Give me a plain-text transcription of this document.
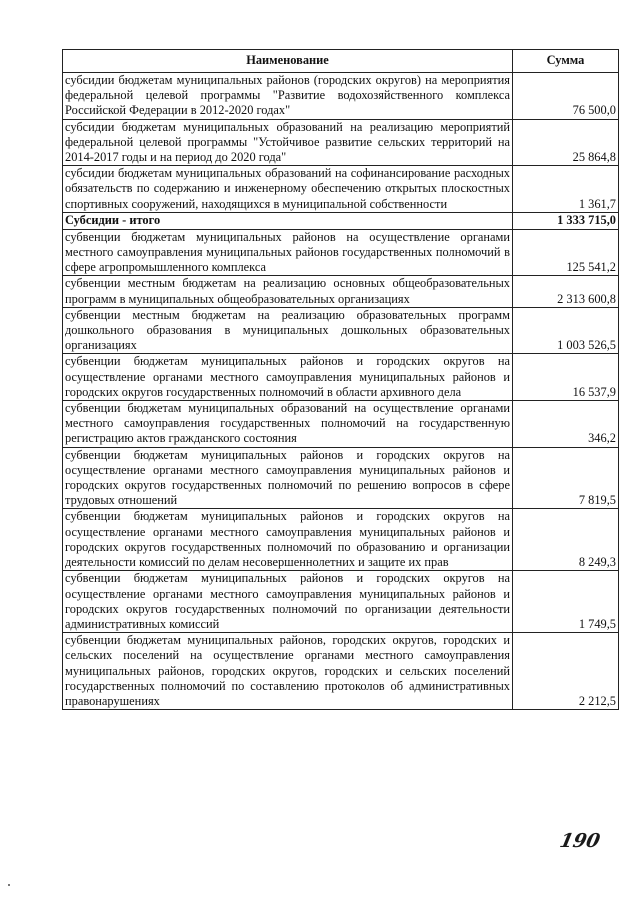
Наименование	Сумма
субсидии бюджетам муниципальных районов (городских округов) на мероприятия федеральной целевой программы "Развитие водохозяйственного комплекса Российской Федерации в 2012-2020 годах"	76 500,0
субсидии бюджетам муниципальных образований на реализацию мероприятий федеральной целевой программы "Устойчивое развитие сельских территорий на 2014-2017 годы и на период до 2020 года"	25 864,8
субсидии бюджетам муниципальных образований на софинансирование расходных обязательств по содержанию и инженерному обеспечению открытых плоскостных спортивных сооружений, находящихся в муниципальной собственности	1 361,7
Субсидии - итого	1 333 715,0
субвенции бюджетам муниципальных районов на осуществление органами местного самоуправления муниципальных районов государственных полномочий в сфере агропромышленного комплекса	125 541,2
субвенции местным бюджетам на реализацию основных общеобразовательных программ в муниципальных общеобразовательных организациях	2 313 600,8
субвенции местным бюджетам на реализацию образовательных программ дошкольного образования в муниципальных дошкольных образовательных организациях	1 003 526,5
субвенции бюджетам муниципальных районов и городских округов на осуществление органами местного самоуправления муниципальных районов и городских округов государственных полномочий в области архивного дела	16 537,9
субвенции бюджетам муниципальных образований на осуществление органами местного самоуправления государственных полномочий на государственную регистрацию актов гражданского состояния	346,2
субвенции бюджетам муниципальных районов и городских округов на осуществление органами местного самоуправления муниципальных районов и городских округов государственных полномочий по решению вопросов в сфере трудовых отношений	7 819,5
субвенции бюджетам муниципальных районов и городских округов на осуществление органами местного самоуправления муниципальных районов и городских округов государственных полномочий по образованию и организации деятельности комиссий по делам несовершеннолетних и защите их прав	8 249,3
субвенции бюджетам муниципальных районов и городских округов на осуществление органами местного самоуправления муниципальных районов и городских округов государственных полномочий по организации деятельности административных комиссий	1 749,5
субвенции бюджетам муниципальных районов, городских округов, городских и сельских поселений на осуществление органами местного самоуправления муниципальных районов, городских округов, городских и сельских поселений государственных полномочий по составлению протоколов об административных правонарушениях	2 212,5
190
